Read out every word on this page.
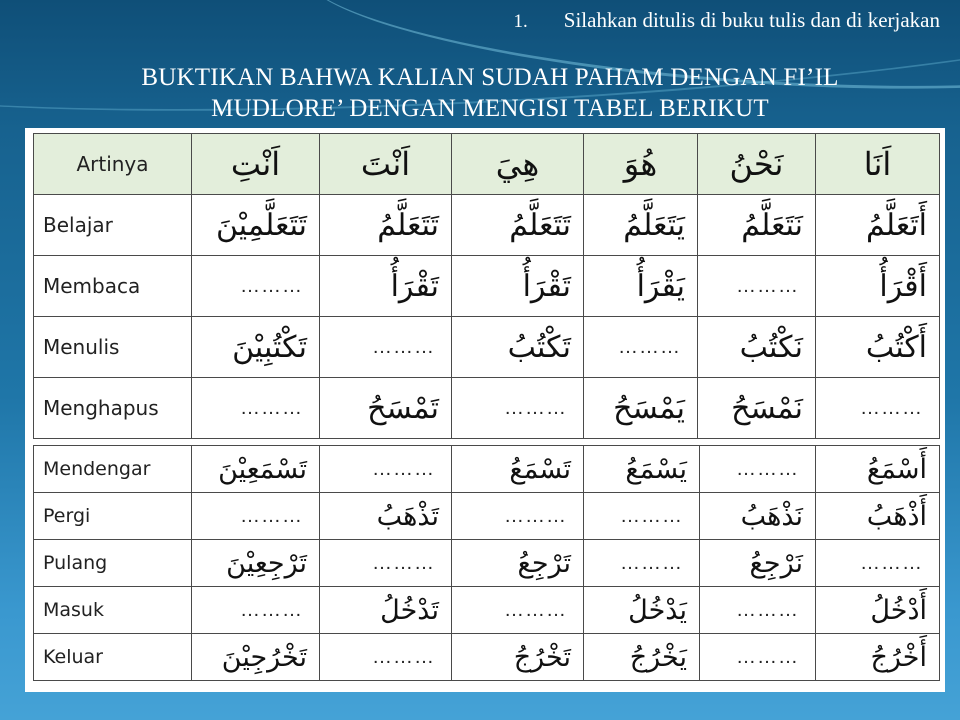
1. Silahkan ditulis di buku tulis dan di kerjakan
BUKTIKAN BAHWA KALIAN SUDAH PAHAM DENGAN FI’IL
MUDLORE’ DENGAN MENGISI TABEL BERIKUT
Artinya	اَنْتِ	اَنْتَ	هِيَ	هُوَ	نَحْنُ	اَنَا
Belajar	تَتَعَلَّمِيْنَ	تَتَعَلَّمُ	تَتَعَلَّمُ	يَتَعَلَّمُ	نَتَعَلَّمُ	أَتَعَلَّمُ
Membaca	………	تَقْرَأُ	تَقْرَأُ	يَقْرَأُ	………	أَقْرَأُ
Menulis	تَكْتُبِيْنَ	………	تَكْتُبُ	………	نَكْتُبُ	أَكْتُبُ
Menghapus	………	تَمْسَحُ	………	يَمْسَحُ	نَمْسَحُ	………
Mendengar	تَسْمَعِيْنَ	………	تَسْمَعُ	يَسْمَعُ	………	أَسْمَعُ
Pergi	………	تَذْهَبُ	………	………	نَذْهَبُ	أَذْهَبُ
Pulang	تَرْجِعِيْنَ	………	تَرْجِعُ	………	نَرْجِعُ	………
Masuk	………	تَدْخُلُ	………	يَدْخُلُ	………	أَدْخُلُ
Keluar	تَخْرُجِيْنَ	………	تَخْرُجُ	يَخْرُجُ	………	أَخْرُجُ
